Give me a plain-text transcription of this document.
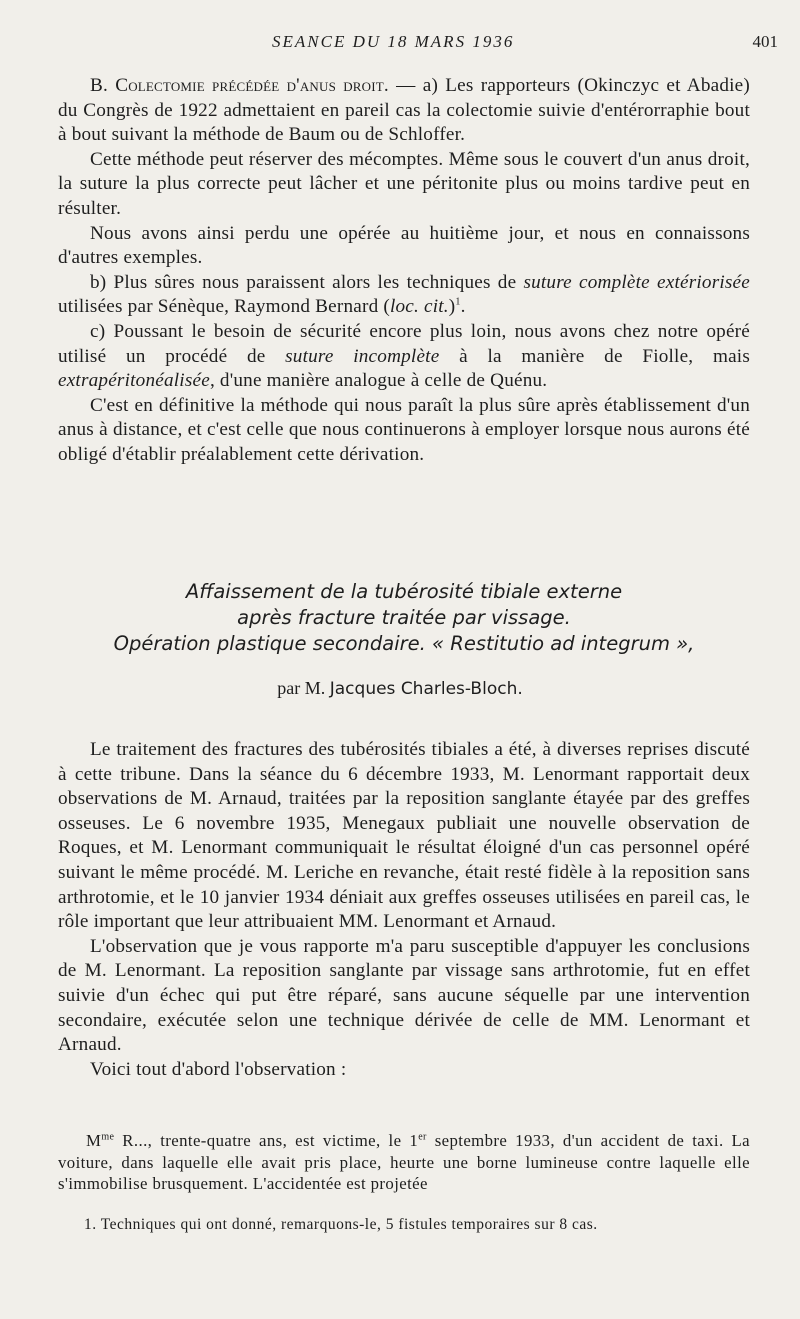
SEANCE DU 18 MARS 1936	401

B. Colectomie précédée d'anus droit. — a) Les rapporteurs (Okinczyc et Abadie) du Congrès de 1922 admettaient en pareil cas la colectomie suivie d'entérorraphie bout à bout suivant la méthode de Baum ou de Schloffer.

Cette méthode peut réserver des mécomptes. Même sous le couvert d'un anus droit, la suture la plus correcte peut lâcher et une péritonite plus ou moins tardive peut en résulter.

Nous avons ainsi perdu une opérée au huitième jour, et nous en connaissons d'autres exemples.

b) Plus sûres nous paraissent alors les techniques de suture complète extériorisée utilisées par Sénèque, Raymond Bernard (loc. cit.)$^1$.

c) Poussant le besoin de sécurité encore plus loin, nous avons chez notre opéré utilisé un procédé de suture incomplète à la manière de Fiolle, mais extrapéritonéalisée, d'une manière analogue à celle de Quénu.

C'est en définitive la méthode qui nous paraît la plus sûre après établissement d'un anus à distance, et c'est celle que nous continuerons à employer lorsque nous aurons été obligé d'établir préalablement cette dérivation.

Affaissement de la tubérosité tibiale externe
après fracture traitée par vissage.
Opération plastique secondaire. « Restitutio ad integrum »,
par M. Jacques Charles-Bloch.

Le traitement des fractures des tubérosités tibiales a été, à diverses reprises discuté à cette tribune. Dans la séance du 6 décembre 1933, M. Lenormant rapportait deux observations de M. Arnaud, traitées par la reposition sanglante étayée par des greffes osseuses. Le 6 novembre 1935, Menegaux publiait une nouvelle observation de Roques, et M. Lenormant communiquait le résultat éloigné d'un cas personnel opéré suivant le même procédé. M. Leriche en revanche, était resté fidèle à la reposition sans arthrotomie, et le 10 janvier 1934 déniait aux greffes osseuses utilisées en pareil cas, le rôle important que leur attribuaient MM. Lenormant et Arnaud.

L'observation que je vous rapporte m'a paru susceptible d'appuyer les conclusions de M. Lenormant. La reposition sanglante par vissage sans arthrotomie, fut en effet suivie d'un échec qui put être réparé, sans aucune séquelle par une intervention secondaire, exécutée selon une technique dérivée de celle de MM. Lenormant et Arnaud.

Voici tout d'abord l'observation :

$M^{me}$ R..., trente-quatre ans, est victime, le 1er septembre 1933, d'un accident de taxi. La voiture, dans laquelle elle avait pris place, heurte une borne lumineuse contre laquelle elle s'immobilise brusquement. L'accidentée est projetée

1. Techniques qui ont donné, remarquons-le, 5 fistules temporaires sur 8 cas.
